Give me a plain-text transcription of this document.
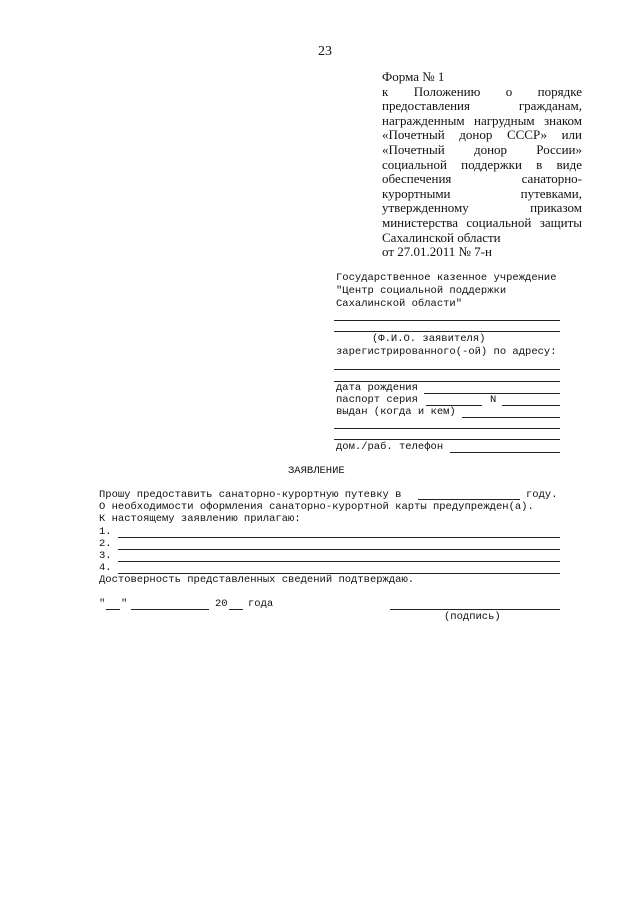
23
Форма № 1
к Положению о порядке
предоставления гражданам,
награжденным нагрудным знаком
«Почетный донор СССР» или
«Почетный донор России»
социальной поддержки в виде
обеспечения санаторно-
курортными путевками,
утвержденному приказом
министерства социальной защиты
Сахалинской области
от 27.01.2011 № 7-н
Государственное казенное учреждение
"Центр социальной поддержки
Сахалинской области"
(Ф.И.О. заявителя)
зарегистрированного(-ой) по адресу:
дата рождения
паспорт серия	N
выдан (когда и кем)
дом./раб. телефон
ЗАЯВЛЕНИЕ
Прошу предоставить санаторно-курортную путевку в	году.
О необходимости оформления санаторно-курортной карты предупрежден(а).
К настоящему заявлению прилагаю:
1.
2.
3.
4.
Достоверность представленных сведений подтверждаю.
" "	20 года
(подпись)
